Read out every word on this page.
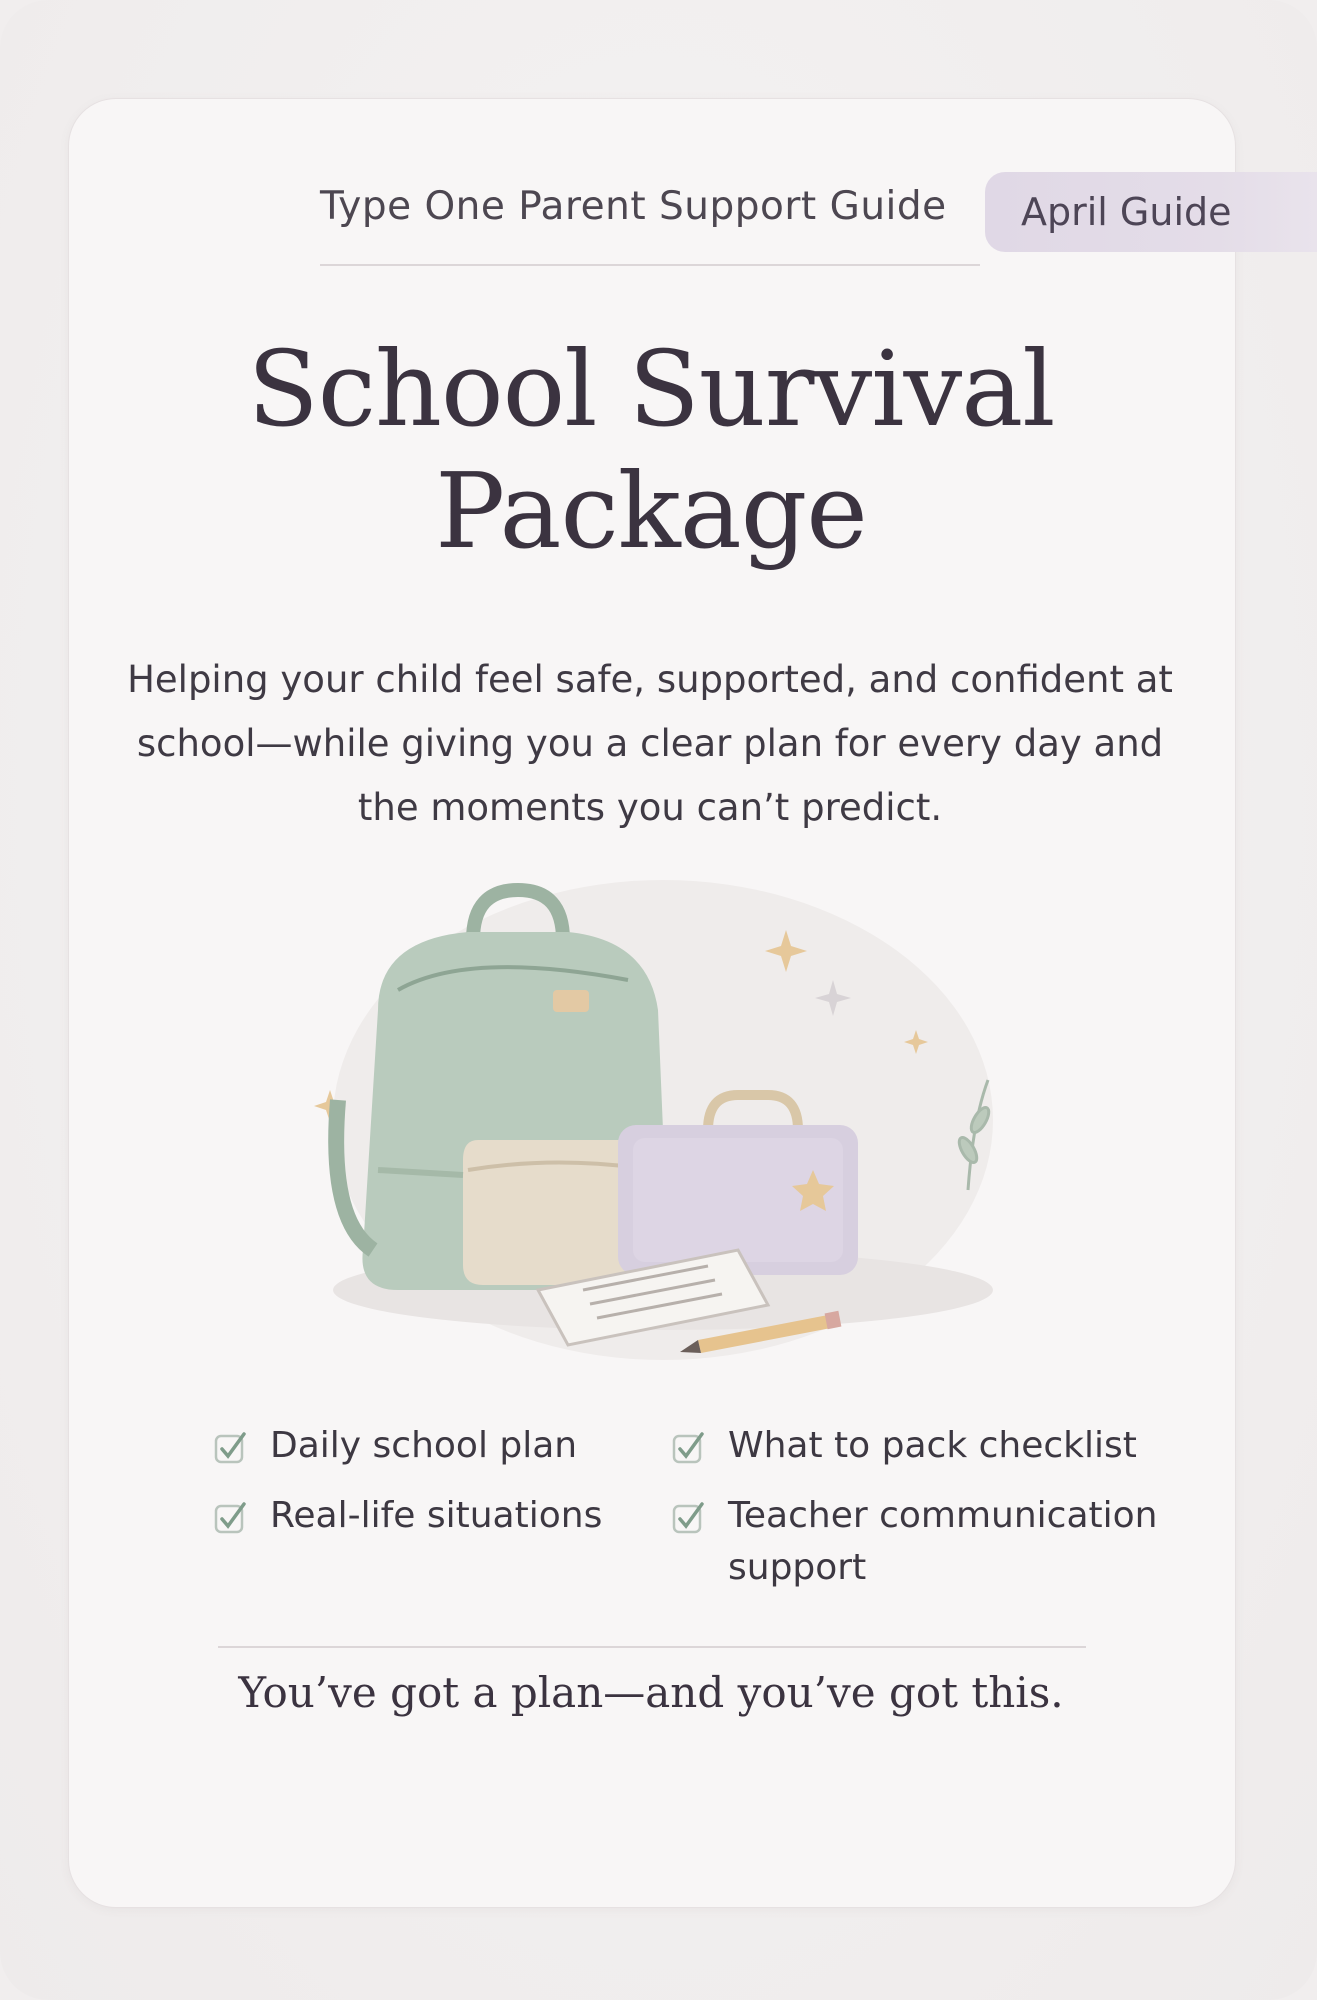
Type One Parent Support Guide	April Guide
School Survival
Package
Helping your child feel safe, supported, and confident at school—while giving you a clear plan for every day and the moments you can’t predict.
Daily school plan
Real-life situations
What to pack checklist
Teacher communication support
You’ve got a plan—and you’ve got this.
